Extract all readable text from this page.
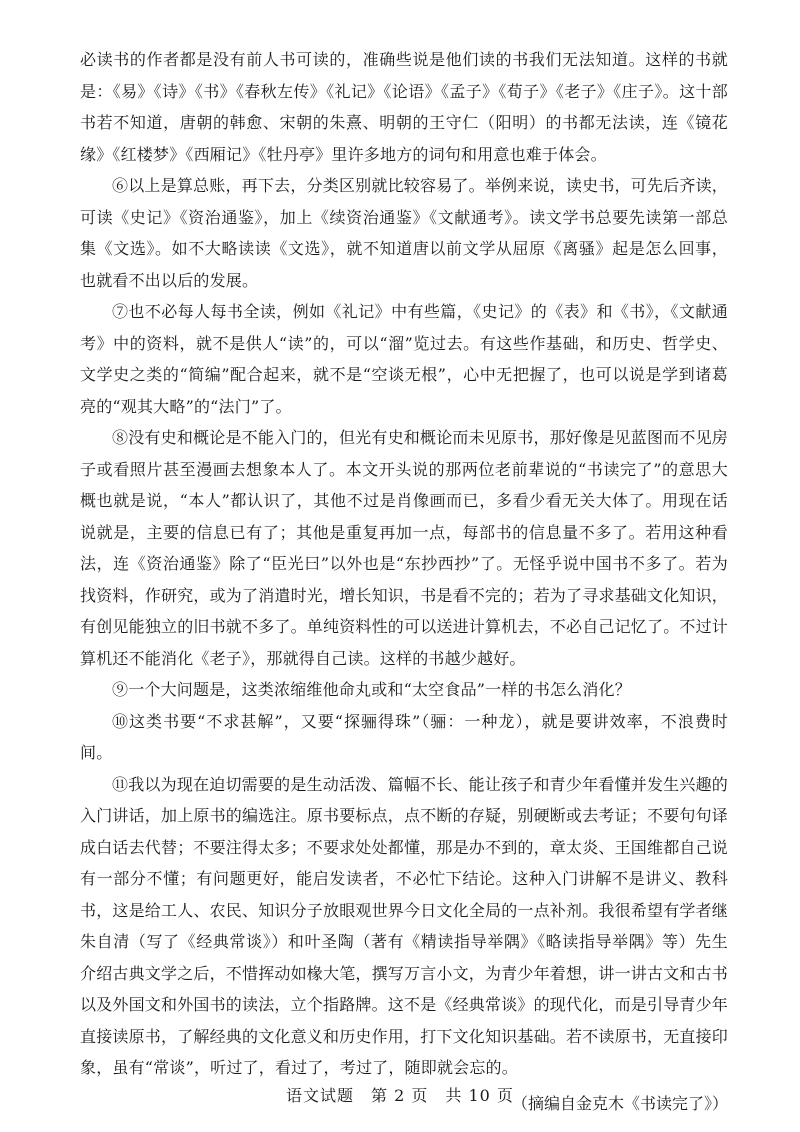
必读书的作者都是没有前人书可读的，准确些说是他们读的书我们无法知道。这样的书就是：《易》《诗》《书》《春秋左传》《礼记》《论语》《孟子》《荀子》《老子》《庄子》。这十部书若不知道，唐朝的韩愈、宋朝的朱熹、明朝的王守仁（阳明）的书都无法读，连《镜花缘》《红楼梦》《西厢记》《牡丹亭》里许多地方的词句和用意也难于体会。

⑥以上是算总账，再下去，分类区别就比较容易了。举例来说，读史书，可先后齐读，可读《史记》《资治通鉴》，加上《续资治通鉴》《文献通考》。读文学书总要先读第一部总集《文选》。如不大略读读《文选》，就不知道唐以前文学从屈原《离骚》起是怎么回事，也就看不出以后的发展。

⑦也不必每人每书全读，例如《礼记》中有些篇，《史记》的《表》和《书》，《文献通考》中的资料，就不是供人“读”的，可以“溜”览过去。有这些作基础，和历史、哲学史、文学史之类的“简编”配合起来，就不是“空谈无根”，心中无把握了，也可以说是学到诸葛亮的“观其大略”的“法门”了。

⑧没有史和概论是不能入门的，但光有史和概论而未见原书，那好像是见蓝图而不见房子或看照片甚至漫画去想象本人了。本文开头说的那两位老前辈说的“书读完了”的意思大概也就是说，“本人”都认识了，其他不过是肖像画而已，多看少看无关大体了。用现在话说就是，主要的信息已有了；其他是重复再加一点，每部书的信息量不多了。若用这种看法，连《资治通鉴》除了“臣光曰”以外也是“东抄西抄”了。无怪乎说中国书不多了。若为找资料，作研究，或为了消遣时光，增长知识，书是看不完的；若为了寻求基础文化知识，有创见能独立的旧书就不多了。单纯资料性的可以送进计算机去，不必自己记忆了。不过计算机还不能消化《老子》，那就得自己读。这样的书越少越好。

⑨一个大问题是，这类浓缩维他命丸或和“太空食品”一样的书怎么消化？

⑩这类书要“不求甚解”，又要“探骊得珠”（骊：一种龙），就是要讲效率，不浪费时间。

⑪我以为现在迫切需要的是生动活泼、篇幅不长、能让孩子和青少年看懂并发生兴趣的入门讲话，加上原书的编选注。原书要标点，点不断的存疑，别硬断或去考证；不要句句译成白话去代替；不要注得太多；不要求处处都懂，那是办不到的，章太炎、王国维都自己说有一部分不懂；有问题更好，能启发读者，不必忙下结论。这种入门讲解不是讲义、教科书，这是给工人、农民、知识分子放眼观世界今日文化全局的一点补剂。我很希望有学者继朱自清（写了《经典常谈》）和叶圣陶（著有《精读指导举隅》《略读指导举隅》等）先生介绍古典文学之后，不惜挥动如椽大笔，撰写万言小文，为青少年着想，讲一讲古文和古书以及外国文和外国书的读法，立个指路牌。这不是《经典常谈》的现代化，而是引导青少年直接读原书，了解经典的文化意义和历史作用，打下文化知识基础。若不读原书，无直接印象，虽有“常谈”，听过了，看过了，考过了，随即就会忘的。

（摘编自金克木《书读完了》）

语文试题　第 2 页　共 10 页
